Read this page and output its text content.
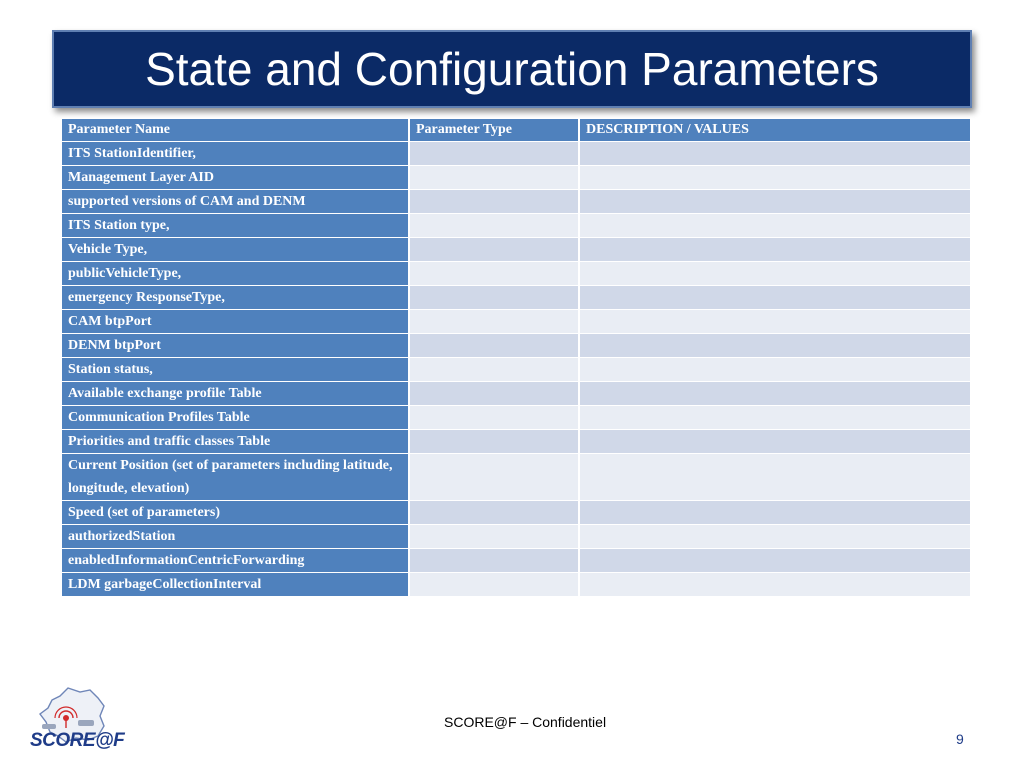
State and Configuration Parameters
Parameter Name	Parameter Type	DESCRIPTION / VALUES
ITS StationIdentifier,		
Management Layer AID		
supported versions of CAM and DENM		
ITS Station type,		
Vehicle Type,		
publicVehicleType,		
emergency ResponseType,		
CAM btpPort		
DENM btpPort		
Station status,		
Available exchange profile Table		
Communication Profiles Table		
Priorities and traffic classes Table		
Current Position (set of parameters including latitude, longitude, elevation)		
Speed (set of parameters)		
authorizedStation		
enabledInformationCentricForwarding		
LDM garbageCollectionInterval		
SCORE@F
SCORE@F – Confidentiel
9
